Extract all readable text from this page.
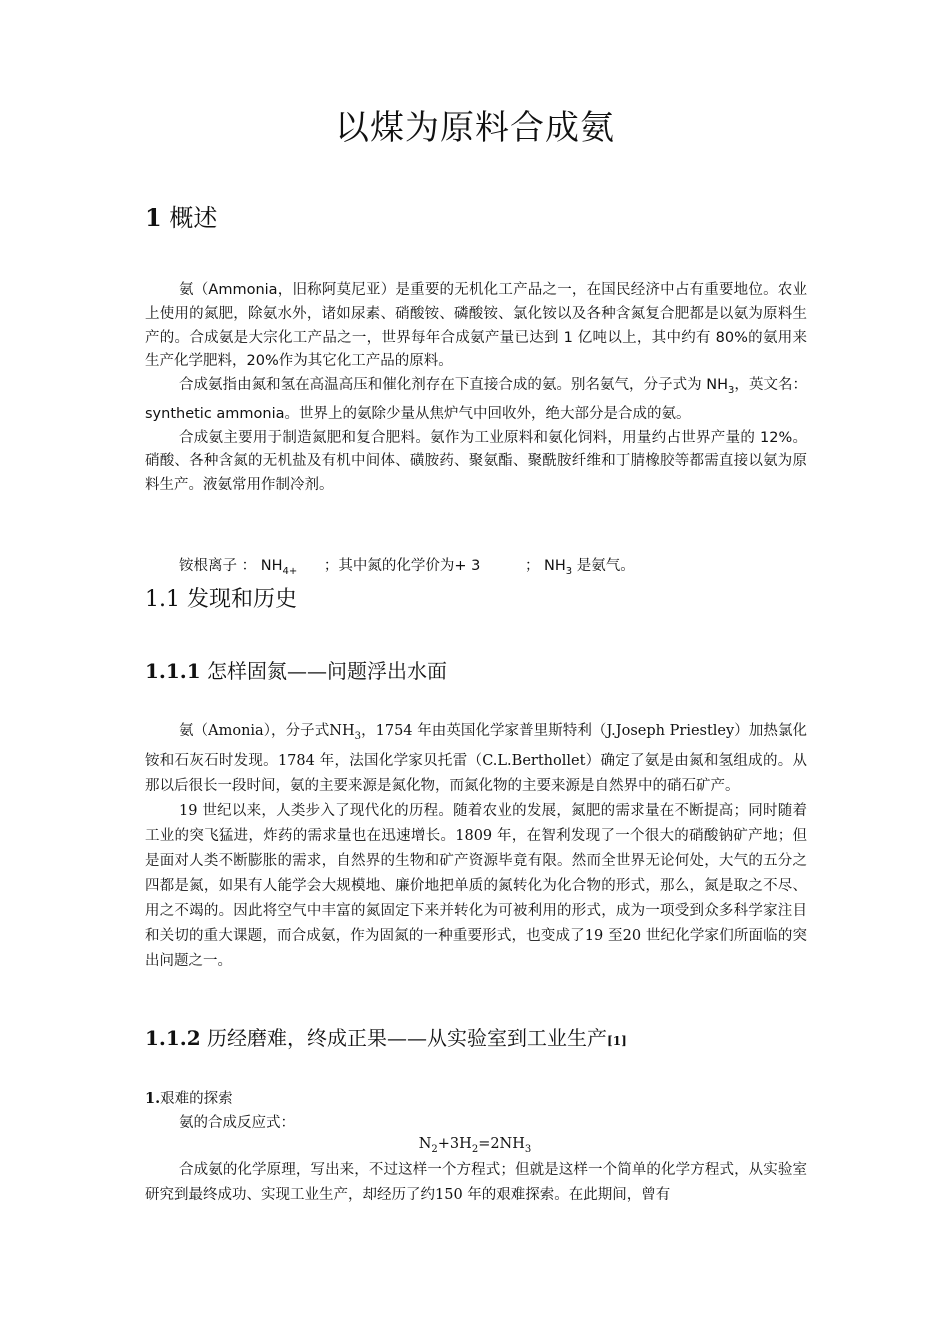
以煤为原料合成氨
1 概述

氨（Ammonia，旧称阿莫尼亚）是重要的无机化工产品之一，在国民经济中占有重要地位。农业上使用的氮肥，除氨水外，诸如尿素、硝酸铵、磷酸铵、氯化铵以及各种含氮复合肥都是以氨为原料生产的。合成氨是大宗化工产品之一，世界每年合成氨产量已达到 1 亿吨以上，其中约有 80%的氨用来生产化学肥料，20%作为其它化工产品的原料。

合成氨指由氮和氢在高温高压和催化剂存在下直接合成的氨。别名氨气，分子式为 $NH_3$，英文名：synthetic ammonia。世界上的氨除少量从焦炉气中回收外，绝大部分是合成的氨。

合成氨主要用于制造氮肥和复合肥料。氨作为工业原料和氨化饲料，用量约占世界产量的 12%。硝酸、各种含氮的无机盐及有机中间体、磺胺药、聚氨酯、聚酰胺纤维和丁腈橡胶等都需直接以氨为原料生产。液氨常用作制冷剂。

铵根离子 ： $NH_{4+}$ ；其中氮的化学价为+ 3	； $NH_3$ 是氨气。
1.1 发现和历史
1.1.1 怎样固氮——问题浮出水面

氨（Amonia），分子式$NH_3$，1754 年由英国化学家普里斯特利（J.Joseph Priestley）加热氯化铵和石灰石时发现。1784 年，法国化学家贝托雷（C.L.Berthollet）确定了氨是由氮和氢组成的。从那以后很长一段时间，氨的主要来源是氮化物，而氮化物的主要来源是自然界中的硝石矿产。

19 世纪以来，人类步入了现代化的历程。随着农业的发展，氮肥的需求量在不断提高；同时随着工业的突飞猛进，炸药的需求量也在迅速增长。1809 年，在智利发现了一个很大的硝酸钠矿产地；但是面对人类不断膨胀的需求，自然界的生物和矿产资源毕竟有限。然而全世界无论何处，大气的五分之四都是氮，如果有人能学会大规模地、廉价地把单质的氮转化为化合物的形式，那么，氮是取之不尽、用之不竭的。因此将空气中丰富的氮固定下来并转化为可被利用的形式，成为一项受到众多科学家注目和关切的重大课题，而合成氨，作为固氮的一种重要形式，也变成了19 至20 世纪化学家们所面临的突出问题之一。

1.1.2 历经磨难，终成正果——从实验室到工业生产[1]
1.艰难的探索
氨的合成反应式：
$N_2+3H_2=2NH_3$

合成氨的化学原理，写出来，不过这样一个方程式；但就是这样一个简单的化学方程式，从实验室研究到最终成功、实现工业生产，却经历了约150 年的艰难探索。在此期间，曾有
